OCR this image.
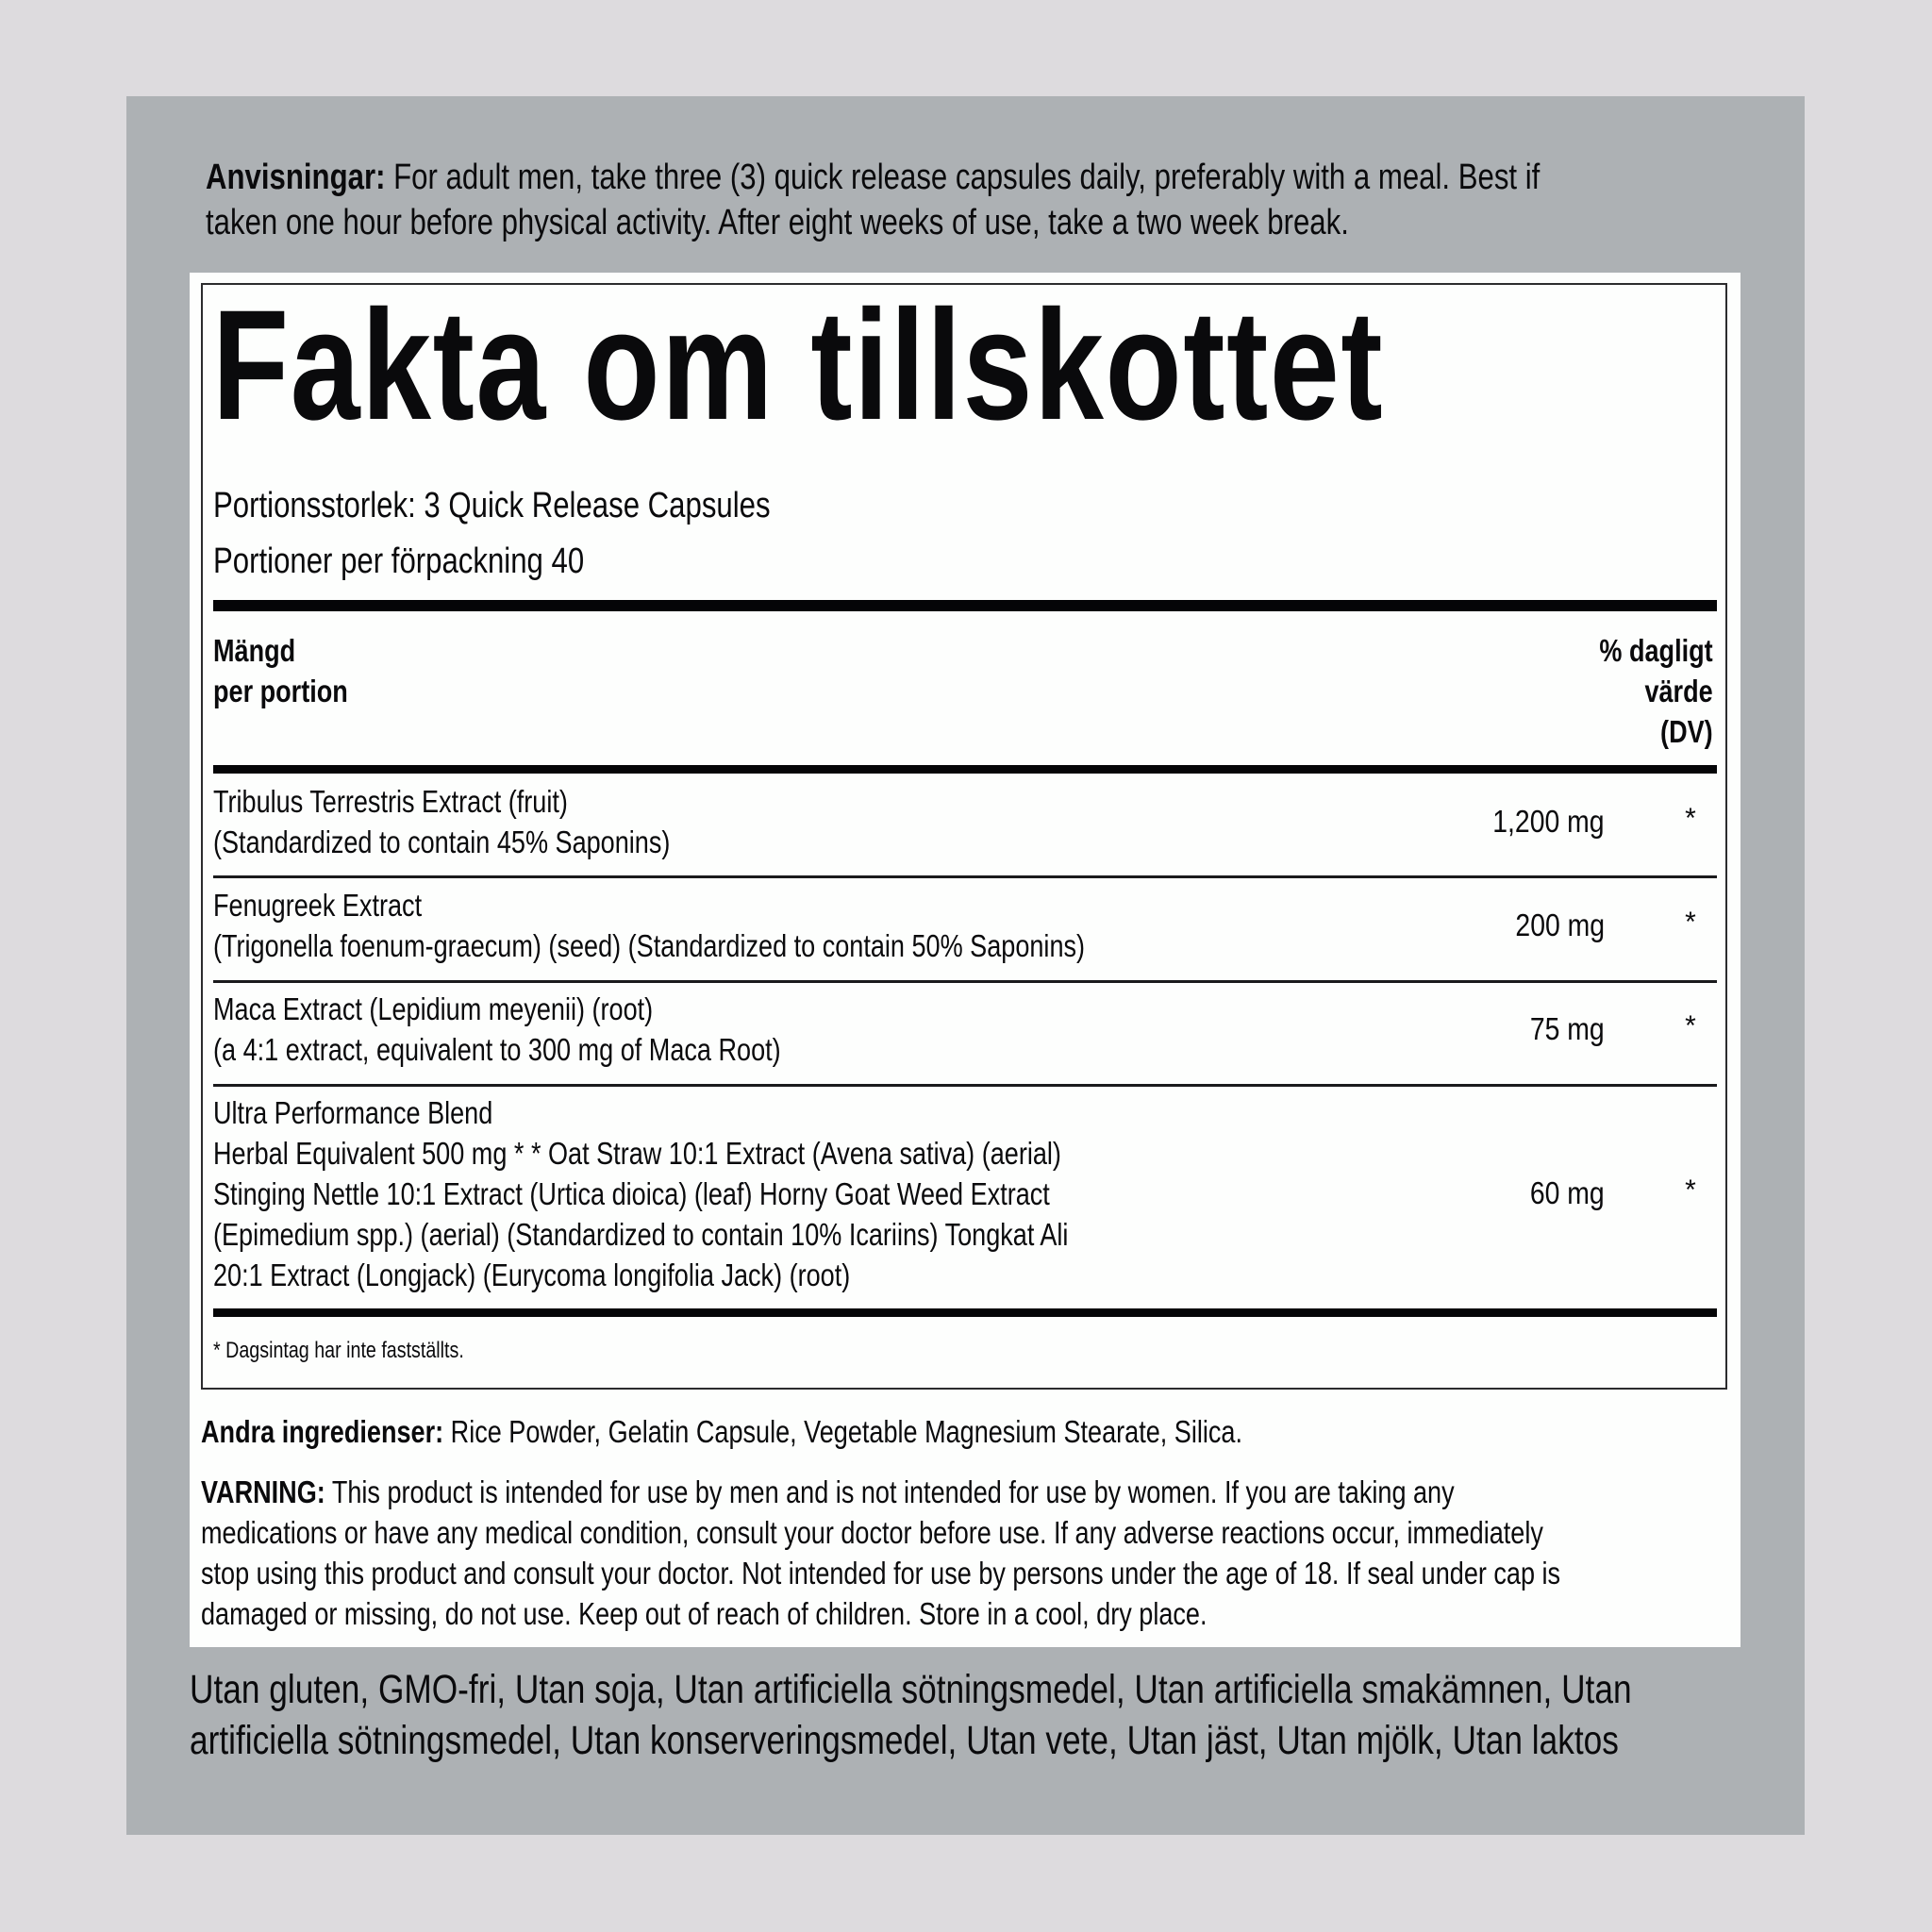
Anvisningar: For adult men, take three (3) quick release capsules daily, preferably with a meal. Best if
taken one hour before physical activity. After eight weeks of use, take a two week break.
Fakta om tillskottet
Portionsstorlek: 3 Quick Release Capsules
Portioner per förpackning 40
Mängd
per portion
% dagligt
värde
(DV)
Tribulus Terrestris Extract (fruit)
(Standardized to contain 45% Saponins)
1,200 mg	*
Fenugreek Extract
(Trigonella foenum-graecum) (seed) (Standardized to contain 50% Saponins)
200 mg	*
Maca Extract (Lepidium meyenii) (root)
(a 4:1 extract, equivalent to 300 mg of Maca Root)
75 mg	*
Ultra Performance Blend
Herbal Equivalent 500 mg * * Oat Straw 10:1 Extract (Avena sativa) (aerial)
Stinging Nettle 10:1 Extract (Urtica dioica) (leaf) Horny Goat Weed Extract
(Epimedium spp.) (aerial) (Standardized to contain 10% Icariins) Tongkat Ali
20:1 Extract (Longjack) (Eurycoma longifolia Jack) (root)
60 mg	*
* Dagsintag har inte fastställts.
Andra ingredienser: Rice Powder, Gelatin Capsule, Vegetable Magnesium Stearate, Silica.
VARNING: This product is intended for use by men and is not intended for use by women. If you are taking any
medications or have any medical condition, consult your doctor before use. If any adverse reactions occur, immediately
stop using this product and consult your doctor. Not intended for use by persons under the age of 18. If seal under cap is
damaged or missing, do not use. Keep out of reach of children. Store in a cool, dry place.
Utan gluten, GMO-fri, Utan soja, Utan artificiella sötningsmedel, Utan artificiella smakämnen, Utan
artificiella sötningsmedel, Utan konserveringsmedel, Utan vete, Utan jäst, Utan mjölk, Utan laktos
